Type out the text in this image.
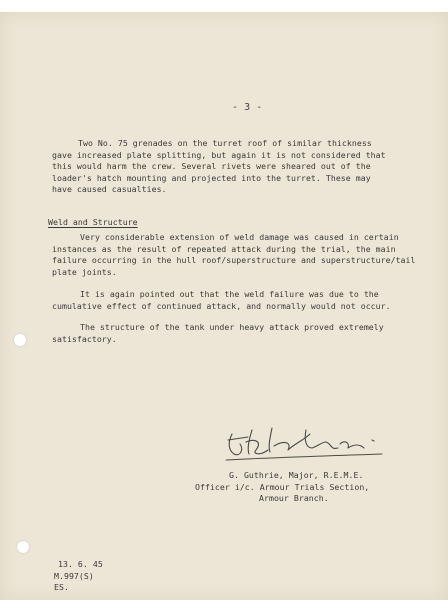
- 3 -
Two No. 75 grenades on the turret roof of similar thickness
gave increased plate splitting, but again it is not considered that
this would harm the crew. Several rivets were sheared out of the
loader's hatch mounting and projected into the turret. These may
have caused casualties.
Weld and Structure
Very considerable extension of weld damage was caused in certain
instances as the result of repeated attack during the trial, the main
failure occurring in the hull roof/superstructure and superstructure/tail
plate joints.
It is again pointed out that the weld failure was due to the
cumulative effect of continued attack, and normally would not occur.
The structure of the tank under heavy attack proved extremely
satisfactory.
G. Guthrie, Major, R.E.M.E.
Officer i/c. Armour Trials Section,
Armour Branch.
13. 6. 45
M.997(S)
ES.
